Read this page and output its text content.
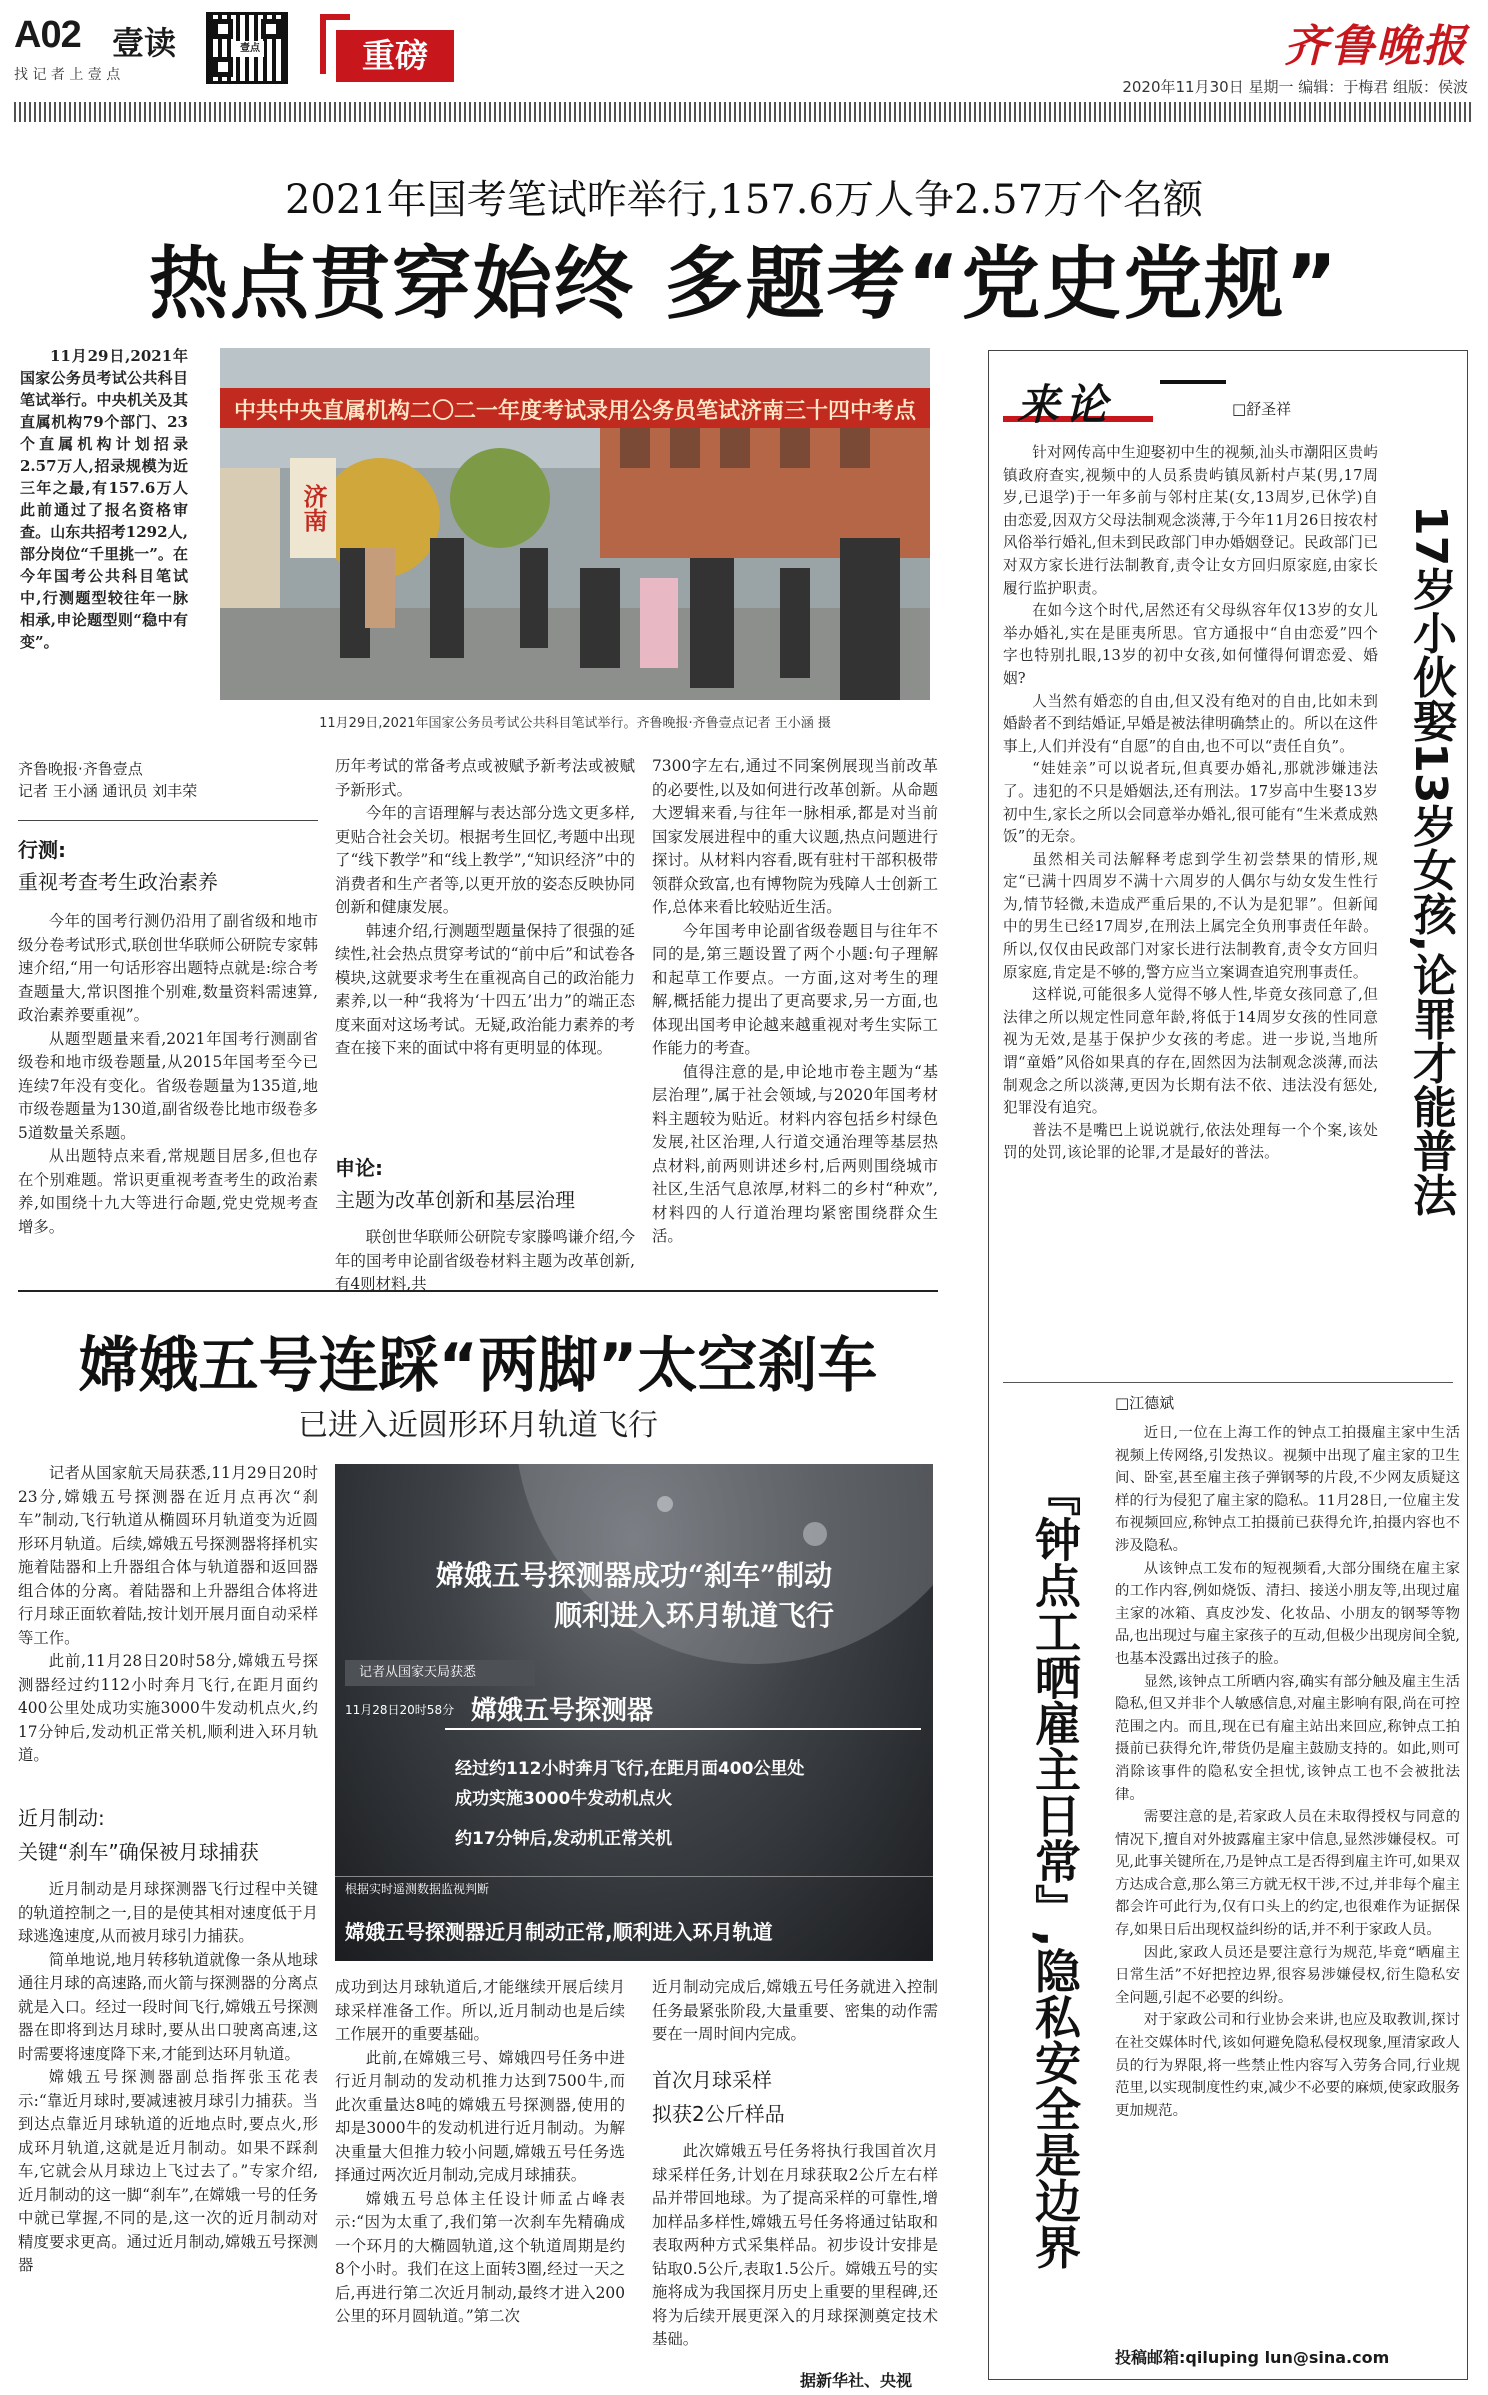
A02 壹读
找 记 者 上 壹 点
壹点	重磅	齐鲁晚报
2020年11月30日 星期一 编辑：于梅君 组版：侯波
2021年国考笔试昨举行,157.6万人争2.57万个名额
热点贯穿始终 多题考“党史党规”
11月29日,2021年国家公务员考试公共科目笔试举行。中央机关及其直属机构79个部门、23个直属机构计划招录2.57万人,招录规模为近三年之最,有157.6万人此前通过了报名资格审查。山东共招考1292人,部分岗位“千里挑一”。在今年国考公共科目笔试中,行测题型较往年一脉相承,申论题型则“稳中有变”。
中共中央直属机构二〇二一年度考试录用公务员笔试济南三十四中考点
济南
11月29日,2021年国家公务员考试公共科目笔试举行。齐鲁晚报·齐鲁壹点记者 王小涵 摄
齐鲁晚报·齐鲁壹点
记者 王小涵 通讯员 刘丰荣
行测:
重视考查考生政治素养

今年的国考行测仍沿用了副省级和地市级分卷考试形式,联创世华联师公研院专家韩速介绍,“用一句话形容出题特点就是:综合考查题量大,常识图推个别难,数量资料需速算,政治素养要重视”。

从题型题量来看,2021年国考行测副省级卷和地市级卷题量,从2015年国考至今已连续7年没有变化。省级卷题量为135道,地市级卷题量为130道,副省级卷比地市级卷多5道数量关系题。

从出题特点来看,常规题目居多,但也存在个别难题。常识更重视考查考生的政治素养,如围绕十九大等进行命题,党史党规考查增多。

历年考试的常备考点或被赋予新考法或被赋予新形式。

今年的言语理解与表达部分选文更多样,更贴合社会关切。根据考生回忆,考题中出现了“线下教学”和“线上教学”,“知识经济”中的消费者和生产者等,以更开放的姿态反映协同创新和健康发展。

韩速介绍,行测题型题量保持了很强的延续性,社会热点贯穿考试的“前中后”和试卷各模块,这就要求考生在重视高自己的政治能力素养,以一种“我将为‘十四五’出力”的端正态度来面对这场考试。无疑,政治能力素养的考查在接下来的面试中将有更明显的体现。

申论:
主题为改革创新和基层治理

联创世华联师公研院专家滕鸣谦介绍,今年的国考申论副省级卷材料主题为改革创新,有4则材料,共

7300字左右,通过不同案例展现当前改革的必要性,以及如何进行改革创新。从命题大逻辑来看,与往年一脉相承,都是对当前国家发展进程中的重大议题,热点问题进行探讨。从材料内容看,既有驻村干部积极带领群众致富,也有博物院为残障人士创新工作,总体来看比较贴近生活。

今年国考申论副省级卷题目与往年不同的是,第三题设置了两个小题:句子理解和起草工作要点。一方面,这对考生的理解,概括能力提出了更高要求,另一方面,也体现出国考申论越来越重视对考生实际工作能力的考查。

值得注意的是,申论地市卷主题为“基层治理”,属于社会领域,与2020年国考材料主题较为贴近。材料内容包括乡村绿色发展,社区治理,人行道交通治理等基层热点材料,前两则讲述乡村,后两则围绕城市社区,生活气息浓厚,材料二的乡村“种欢”,材料四的人行道治理均紧密围绕群众生活。

嫦娥五号连踩“两脚”太空刹车
已进入近圆形环月轨道飞行

记者从国家航天局获悉,11月29日20时23分,嫦娥五号探测器在近月点再次“刹车”制动,飞行轨道从椭圆环月轨道变为近圆形环月轨道。后续,嫦娥五号探测器将择机实施着陆器和上升器组合体与轨道器和返回器组合体的分离。着陆器和上升器组合体将进行月球正面软着陆,按计划开展月面自动采样等工作。

此前,11月28日20时58分,嫦娥五号探测器经过约112小时奔月飞行,在距月面约400公里处成功实施3000牛发动机点火,约17分钟后,发动机正常关机,顺利进入环月轨道。

近月制动:
关键“刹车”确保被月球捕获

近月制动是月球探测器飞行过程中关键的轨道控制之一,目的是使其相对速度低于月球逃逸速度,从而被月球引力捕获。

简单地说,地月转移轨道就像一条从地球通往月球的高速路,而火箭与探测器的分离点就是入口。经过一段时间飞行,嫦娥五号探测器在即将到达月球时,要从出口驶离高速,这时需要将速度降下来,才能到达环月轨道。

嫦娥五号探测器副总指挥张玉花表示:“靠近月球时,要减速被月球引力捕获。当到达点靠近月球轨道的近地点时,要点火,形成环月轨道,这就是近月制动。如果不踩刹车,它就会从月球边上飞过去了。”专家介绍,近月制动的这一脚“刹车”,在嫦娥一号的任务中就已掌握,不同的是,这一次的近月制动对精度要求更高。通过近月制动,嫦娥五号探测器

嫦娥五号探测器成功“刹车”制动
顺利进入环月轨道飞行
记者从国家天局获悉
11月28日20时58分 嫦娥五号探测器
经过约112小时奔月飞行,在距月面400公里处
成功实施3000牛发动机点火
约17分钟后,发动机正常关机
根据实时遥测数据监视判断
嫦娥五号探测器近月制动正常,顺利进入环月轨道

成功到达月球轨道后,才能继续开展后续月球采样准备工作。所以,近月制动也是后续工作展开的重要基础。

此前,在嫦娥三号、嫦娥四号任务中进行近月制动的发动机推力达到7500牛,而此次重量达8吨的嫦娥五号探测器,使用的却是3000牛的发动机进行近月制动。为解决重量大但推力较小问题,嫦娥五号任务选择通过两次近月制动,完成月球捕获。

嫦娥五号总体主任设计师孟占峰表示:“因为太重了,我们第一次刹车先精确成一个环月的大椭圆轨道,这个轨道周期是约8个小时。我们在这上面转3圈,经过一天之后,再进行第二次近月制动,最终才进入200公里的环月圆轨道。”第二次

近月制动完成后,嫦娥五号任务就进入控制任务最紧张阶段,大量重要、密集的动作需要在一周时间内完成。

首次月球采样
拟获2公斤样品

此次嫦娥五号任务将执行我国首次月球采样任务,计划在月球获取2公斤左右样品并带回地球。为了提高采样的可靠性,增加样品多样性,嫦娥五号任务将通过钻取和表取两种方式采集样品。初步设计安排是钻取0.5公斤,表取1.5公斤。嫦娥五号的实施将成为我国探月历史上重要的里程碑,还将为后续开展更深入的月球探测奠定技术基础。

据新华社、央视
来论	□舒圣祥
17岁小伙娶13岁女孩,论罪才能普法

针对网传高中生迎娶初中生的视频,汕头市潮阳区贵屿镇政府查实,视频中的人员系贵屿镇凤新村卢某(男,17周岁,已退学)于一年多前与邻村庄某(女,13周岁,已休学)自由恋爱,因双方父母法制观念淡薄,于今年11月26日按农村风俗举行婚礼,但未到民政部门申办婚姻登记。民政部门已对双方家长进行法制教育,责令让女方回归原家庭,由家长履行监护职责。

在如今这个时代,居然还有父母纵容年仅13岁的女儿举办婚礼,实在是匪夷所思。官方通报中“自由恋爱”四个字也特别扎眼,13岁的初中女孩,如何懂得何谓恋爱、婚姻?

人当然有婚恋的自由,但又没有绝对的自由,比如未到婚龄者不到结婚证,早婚是被法律明确禁止的。所以在这件事上,人们并没有“自愿”的自由,也不可以“责任自负”。

“娃娃亲”可以说者玩,但真要办婚礼,那就涉嫌违法了。违犯的不只是婚姻法,还有刑法。17岁高中生娶13岁初中生,家长之所以会同意举办婚礼,很可能有“生米煮成熟饭”的无奈。

虽然相关司法解释考虑到学生初尝禁果的情形,规定“已满十四周岁不满十六周岁的人偶尔与幼女发生性行为,情节轻微,未造成严重后果的,不认为是犯罪”。但新闻中的男生已经17周岁,在刑法上属完全负刑事责任年龄。所以,仅仅由民政部门对家长进行法制教育,责令女方回归原家庭,肯定是不够的,警方应当立案调查追究刑事责任。

这样说,可能很多人觉得不够人性,毕竟女孩同意了,但法律之所以规定性同意年龄,将低于14周岁女孩的性同意视为无效,是基于保护少女孩的考虑。进一步说,当地所谓“童婚”风俗如果真的存在,固然因为法制观念淡薄,而法制观念之所以淡薄,更因为长期有法不依、违法没有惩处,犯罪没有追究。

普法不是嘴巴上说说就行,依法处理每一个个案,该处罚的处罚,该论罪的论罪,才是最好的普法。

□江德斌
『钟点工晒雇主日常』,隐私安全是边界

近日,一位在上海工作的钟点工拍摄雇主家中生活视频上传网络,引发热议。视频中出现了雇主家的卫生间、卧室,甚至雇主孩子弹钢琴的片段,不少网友质疑这样的行为侵犯了雇主家的隐私。11月28日,一位雇主发布视频回应,称钟点工拍摄前已获得允许,拍摄内容也不涉及隐私。

从该钟点工发布的短视频看,大部分围绕在雇主家的工作内容,例如烧饭、清扫、接送小朋友等,出现过雇主家的冰箱、真皮沙发、化妆品、小朋友的钢琴等物品,也出现过与雇主家孩子的互动,但极少出现房间全貌,也基本没露出过孩子的脸。

显然,该钟点工所晒内容,确实有部分触及雇主生活隐私,但又并非个人敏感信息,对雇主影响有限,尚在可控范围之内。而且,现在已有雇主站出来回应,称钟点工拍摄前已获得允许,带货仍是雇主鼓励支持的。如此,则可消除该事件的隐私安全担忧,该钟点工也不会被批法律。

需要注意的是,若家政人员在未取得授权与同意的情况下,擅自对外披露雇主家中信息,显然涉嫌侵权。可见,此事关键所在,乃是钟点工是否得到雇主许可,如果双方达成合意,那么第三方就无权干涉,不过,并非每个雇主都会许可此行为,仅有口头上的约定,也很难作为证据保存,如果日后出现权益纠纷的话,并不利于家政人员。

因此,家政人员还是要注意行为规范,毕竟“晒雇主日常生活”不好把控边界,很容易涉嫌侵权,衍生隐私安全问题,引起不必要的纠纷。

对于家政公司和行业协会来讲,也应及取教训,探讨在社交媒体时代,该如何避免隐私侵权现象,厘清家政人员的行为界限,将一些禁止性内容写入劳务合同,行业规范里,以实现制度性约束,减少不必要的麻烦,使家政服务更加规范。

投稿邮箱:qiluping lun@sina.com
